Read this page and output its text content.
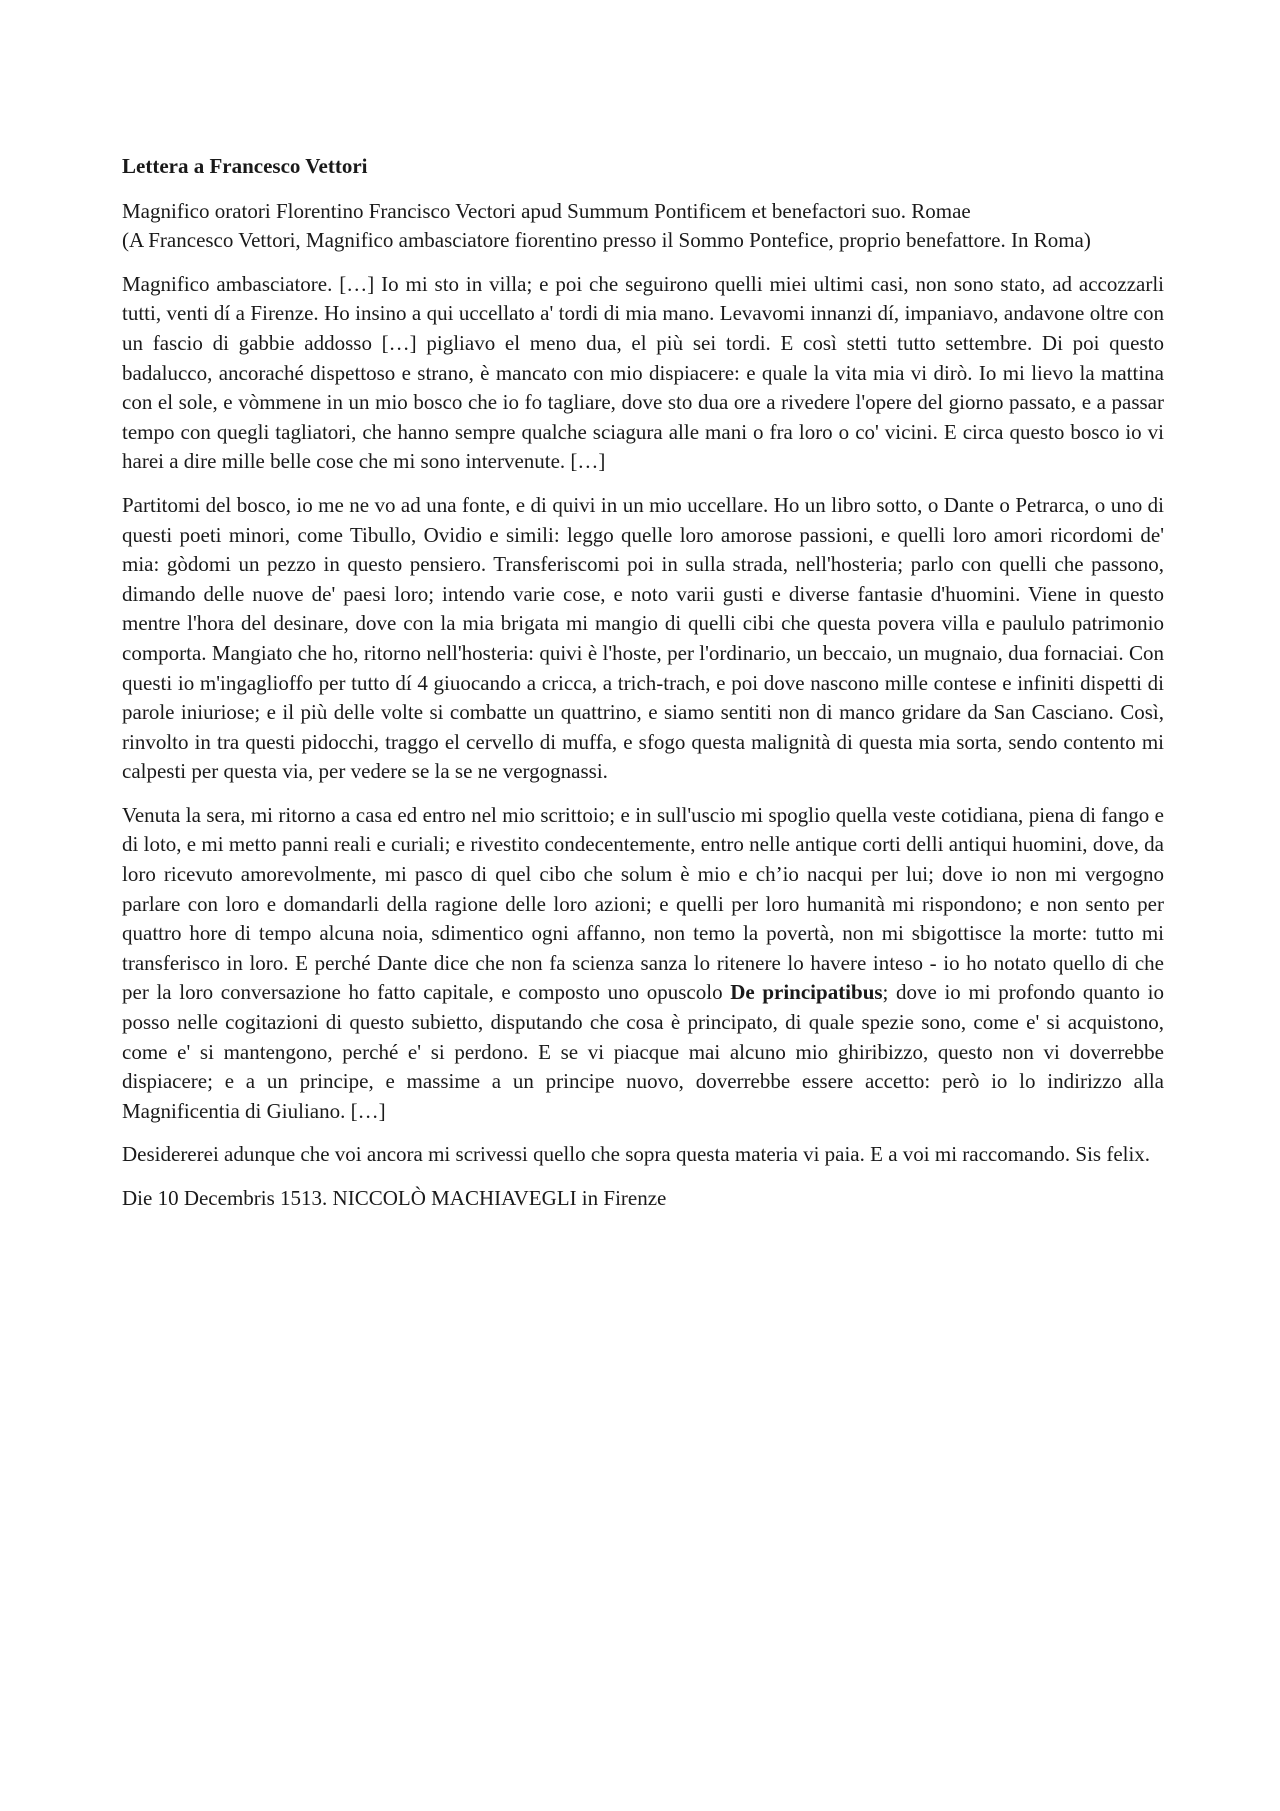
Lettera a Francesco Vettori

Magnifico oratori Florentino Francisco Vectori apud Summum Pontificem et benefactori suo. Romae
(A Francesco Vettori, Magnifico ambasciatore fiorentino presso il Sommo Pontefice, proprio benefattore. In Roma)

Magnifico ambasciatore. […] Io mi sto in villa; e poi che seguirono quelli miei ultimi casi, non sono stato, ad accozzarli tutti, venti dí a Firenze. Ho insino a qui uccellato a' tordi di mia mano. Levavomi innanzi dí, impaniavo, andavone oltre con un fascio di gabbie addosso […] pigliavo el meno dua, el più sei tordi. E così stetti tutto settembre. Di poi questo badalucco, ancoraché dispettoso e strano, è mancato con mio dispiacere: e quale la vita mia vi dirò. Io mi lievo la mattina con el sole, e vòmmene in un mio bosco che io fo tagliare, dove sto dua ore a rivedere l'opere del giorno passato, e a passar tempo con quegli tagliatori, che hanno sempre qualche sciagura alle mani o fra loro o co' vicini. E circa questo bosco io vi harei a dire mille belle cose che mi sono intervenute. […]

Partitomi del bosco, io me ne vo ad una fonte, e di quivi in un mio uccellare. Ho un libro sotto, o Dante o Petrarca, o uno di questi poeti minori, come Tibullo, Ovidio e simili: leggo quelle loro amorose passioni, e quelli loro amori ricordomi de' mia: gòdomi un pezzo in questo pensiero. Transferiscomi poi in sulla strada, nell'hosteria; parlo con quelli che passono, dimando delle nuove de' paesi loro; intendo varie cose, e noto varii gusti e diverse fantasie d'huomini. Viene in questo mentre l'hora del desinare, dove con la mia brigata mi mangio di quelli cibi che questa povera villa e paululo patrimonio comporta. Mangiato che ho, ritorno nell'hosteria: quivi è l'hoste, per l'ordinario, un beccaio, un mugnaio, dua fornaciai. Con questi io m'ingaglioffo per tutto dí 4 giuocando a cricca, a trich-trach, e poi dove nascono mille contese e infiniti dispetti di parole iniuriose; e il più delle volte si combatte un quattrino, e siamo sentiti non di manco gridare da San Casciano. Così, rinvolto in tra questi pidocchi, traggo el cervello di muffa, e sfogo questa malignità di questa mia sorta, sendo contento mi calpesti per questa via, per vedere se la se ne vergognassi.

Venuta la sera, mi ritorno a casa ed entro nel mio scrittoio; e in sull'uscio mi spoglio quella veste cotidiana, piena di fango e di loto, e mi metto panni reali e curiali; e rivestito condecentemente, entro nelle antique corti delli antiqui huomini, dove, da loro ricevuto amorevolmente, mi pasco di quel cibo che solum è mio e ch’io nacqui per lui; dove io non mi vergogno parlare con loro e domandarli della ragione delle loro azioni; e quelli per loro humanità mi rispondono; e non sento per quattro hore di tempo alcuna noia, sdimentico ogni affanno, non temo la povertà, non mi sbigottisce la morte: tutto mi transferisco in loro. E perché Dante dice che non fa scienza sanza lo ritenere lo havere inteso - io ho notato quello di che per la loro conversazione ho fatto capitale, e composto uno opuscolo De principatibus; dove io mi profondo quanto io posso nelle cogitazioni di questo subietto, disputando che cosa è principato, di quale spezie sono, come e' si acquistono, come e' si mantengono, perché e' si perdono. E se vi piacque mai alcuno mio ghiribizzo, questo non vi doverrebbe dispiacere; e a un principe, e massime a un principe nuovo, doverrebbe essere accetto: però io lo indirizzo alla Magnificentia di Giuliano. […]

Desidererei adunque che voi ancora mi scrivessi quello che sopra questa materia vi paia. E a voi mi raccomando. Sis felix.

Die 10 Decembris 1513. NICCOLÒ MACHIAVEGLI in Firenze
